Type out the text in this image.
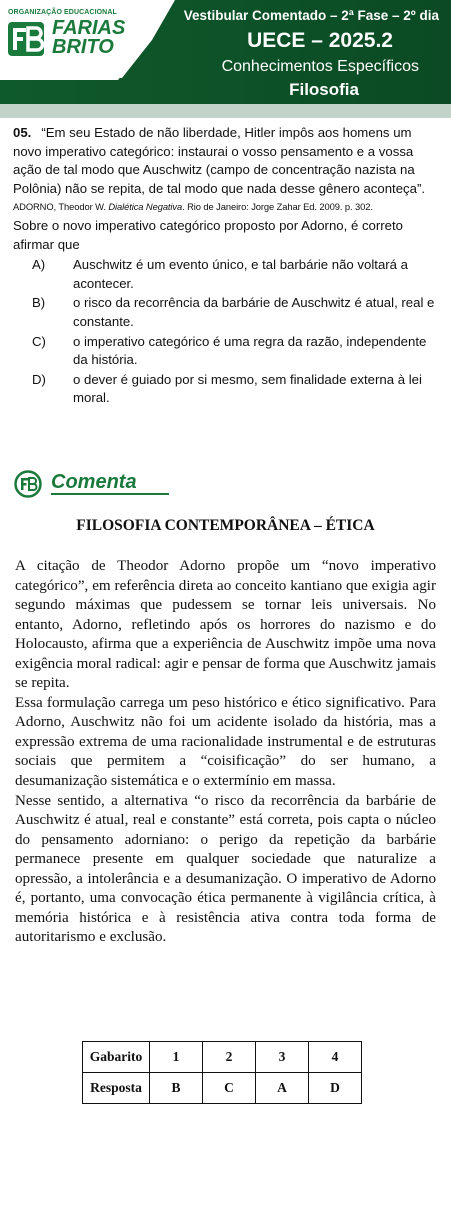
ORGANIZAÇÃO EDUCACIONAL
FARIAS
BRITO
Vestibular Comentado – 2ª Fase – 2º dia
UECE – 2025.2
Conhecimentos Específicos
Filosofia

05. “Em seu Estado de não liberdade, Hitler impôs aos homens um novo imperativo categórico: instaurai o vosso pensamento e a vossa ação de tal modo que Auschwitz (campo de concentração nazista na Polônia) não se repita, de tal modo que nada desse gênero aconteça”.

ADORNO, Theodor W. Dialética Negativa. Rio de Janeiro: Jorge Zahar Ed. 2009. p. 302.

Sobre o novo imperativo categórico proposto por Adorno, é correto afirmar que

A)	Auschwitz é um evento único, e tal barbárie não voltará a acontecer.
B)	o risco da recorrência da barbárie de Auschwitz é atual, real e constante.
C)	o imperativo categórico é uma regra da razão, independente da história.
D)	o dever é guiado por si mesmo, sem finalidade externa à lei moral.
Comenta
FILOSOFIA CONTEMPORÂNEA – ÉTICA

A citação de Theodor Adorno propõe um “novo imperativo categórico”, em referência direta ao conceito kantiano que exigia agir segundo máximas que pudessem se tornar leis universais. No entanto, Adorno, refletindo após os horrores do nazismo e do Holocausto, afirma que a experiência de Auschwitz impõe uma nova exigência moral radical: agir e pensar de forma que Auschwitz jamais se repita.

Essa formulação carrega um peso histórico e ético significativo. Para Adorno, Auschwitz não foi um acidente isolado da história, mas a expressão extrema de uma racionalidade instrumental e de estruturas sociais que permitem a “coisificação” do ser humano, a desumanização sistemática e o extermínio em massa.

Nesse sentido, a alternativa “o risco da recorrência da barbárie de Auschwitz é atual, real e constante” está correta, pois capta o núcleo do pensamento adorniano: o perigo da repetição da barbárie permanece presente em qualquer sociedade que naturalize a opressão, a intolerância e a desumanização. O imperativo de Adorno é, portanto, uma convocação ética permanente à vigilância crítica, à memória histórica e à resistência ativa contra toda forma de autoritarismo e exclusão.

Gabarito	1	2	3	4
Resposta	B	C	A	D
